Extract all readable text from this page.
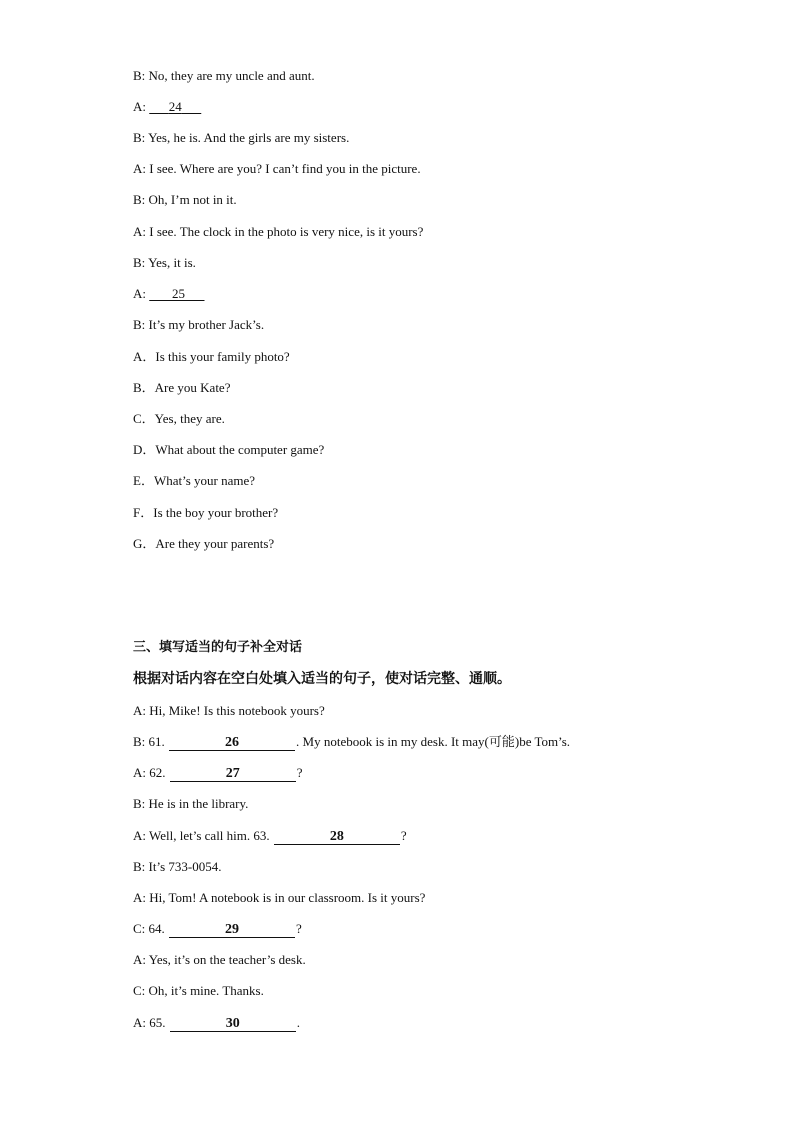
B: No, they are my uncle and aunt.
A: 24
B: Yes, he is. And the girls are my sisters.
A: I see. Where are you? I can’t find you in the picture.
B: Oh, I’m not in it.
A: I see. The clock in the photo is very nice, is it yours?
B: Yes, it is.
A: 25
B: It’s my brother Jack’s.
A．Is this your family photo?
B．Are you Kate?
C．Yes, they are.
D．What about the computer game?
E．What’s your name?
F．Is the boy your brother?
G．Are they your parents?
三、填写适当的句子补全对话
根据对话内容在空白处填入适当的句子，使对话完整、通顺。
A: Hi, Mike! Is this notebook yours?
B: 61.	26	. My notebook is in my desk. It may(可能)be Tom’s.
A: 62.	27	?
B: He is in the library.
A: Well, let’s call him. 63.	28	?
B: It’s 733-0054.
A: Hi, Tom! A notebook is in our classroom. Is it yours?
C: 64.	29	?
A: Yes, it’s on the teacher’s desk.
C: Oh, it’s mine. Thanks.
A: 65.	30	.
